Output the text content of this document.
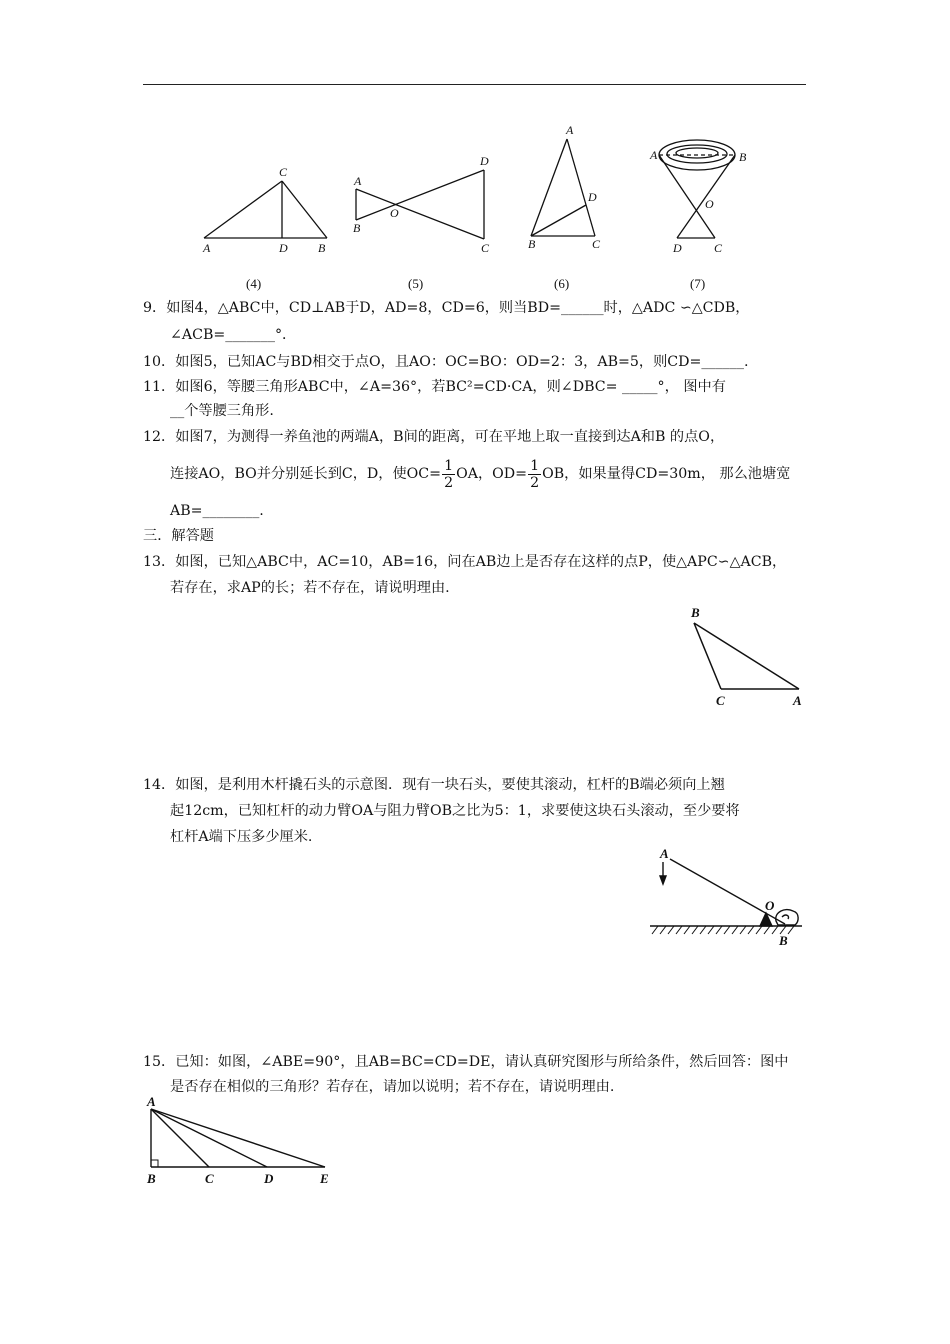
C
A	D	B
A
B
O
D
C
A
D
B	C
A	B
O
D	C
(4)	(5)	(6)	(7)
9．如图4，△ABC中，CD⊥AB于D，AD=8，CD=6，则当BD=______时，△ADC ∽△CDB，
∠ACB=_______°．
10．如图5，已知AC与BD相交于点O，且AO：OC=BO：OD=2：3，AB=5，则CD=______.
11．如图6，等腰三角形ABC中，∠A=36°，若BC²=CD·CA，则∠DBC= _____°， 图中有
__个等腰三角形.
12．如图7，为测得一养鱼池的两端A，B间的距离，可在平地上取一直接到达A和B 的点O，
连接AO，BO并分别延长到C，D，使$OC= \frac{1}{2}$ OA，$OD= \frac{1}{2}$ OB，如果量得CD=30m， 那么池塘宽
AB=________.
三．解答题
13．如图，已知△ABC中，AC=10，AB=16，问在AB边上是否存在这样的点P，使△APC∽△ACB，
若存在，求AP的长；若不存在，请说明理由.
B
C	A
A
O
B
A
B	C	D	E
14．如图，是利用木杆撬石头的示意图．现有一块石头，要使其滚动，杠杆的B端必须向上翘
起12cm，已知杠杆的动力臂OA与阻力臂OB之比为5：1，求要使这块石头滚动，至少要将
杠杆A端下压多少厘米.
15．已知：如图，∠ABE=90°，且AB=BC=CD=DE，请认真研究图形与所给条件，然后回答：图中
是否存在相似的三角形？若存在，请加以说明；若不存在，请说明理由.
